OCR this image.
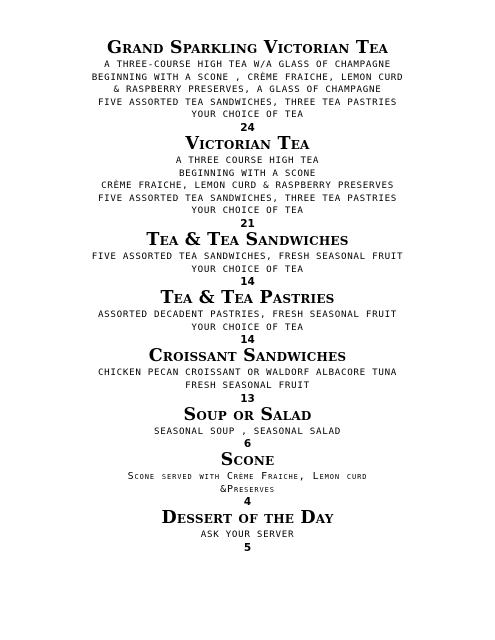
Grand Sparkling Victorian Tea
A THREE-COURSE HIGH TEA W/A GLASS OF CHAMPAGNE
BEGINNING WITH A SCONE , CRÈME FRAICHE, LEMON CURD
& RASPBERRY PRESERVES, A GLASS OF CHAMPAGNE
FIVE ASSORTED TEA SANDWICHES, THREE TEA PASTRIES
YOUR CHOICE OF TEA
24
Victorian Tea
A THREE COURSE HIGH TEA
BEGINNING WITH A SCONE
CRÈME FRAICHE, LEMON CURD & RASPBERRY PRESERVES
FIVE ASSORTED TEA SANDWICHES, THREE TEA PASTRIES
YOUR CHOICE OF TEA
21
Tea & Tea Sandwiches
FIVE ASSORTED TEA SANDWICHES, FRESH SEASONAL FRUIT
YOUR CHOICE OF TEA
14
Tea & Tea Pastries
ASSORTED DECADENT PASTRIES, FRESH SEASONAL FRUIT
YOUR CHOICE OF TEA
14
Croissant Sandwiches
CHICKEN PECAN CROISSANT OR WALDORF ALBACORE TUNA
FRESH SEASONAL FRUIT
13
Soup or Salad
SEASONAL SOUP , SEASONAL SALAD
6
Scone
Scone served with Crème Fraiche, Lemon curd
&Preserves
4
Dessert of the Day
ASK YOUR SERVER
5
